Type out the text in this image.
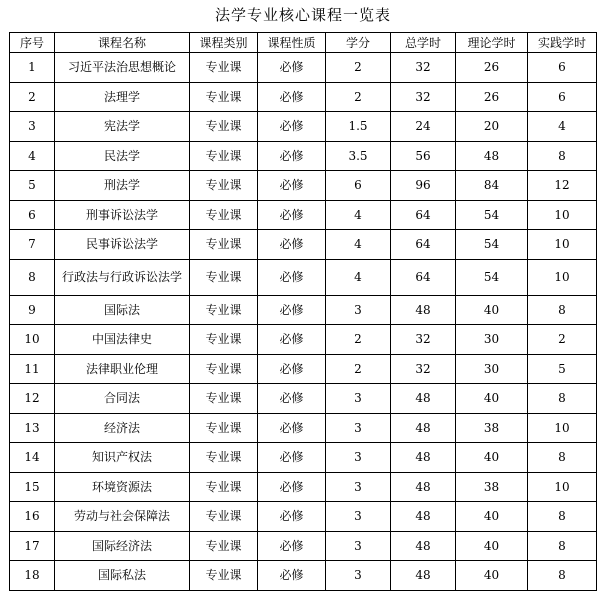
法学专业核心课程一览表
序号	课程名称	课程类别	课程性质	学分	总学时	理论学时	实践学时
1	习近平法治思想概论	专业课	必修	2	32	26	6
2	法理学	专业课	必修	2	32	26	6
3	宪法学	专业课	必修	1.5	24	20	4
4	民法学	专业课	必修	3.5	56	48	8
5	刑法学	专业课	必修	6	96	84	12
6	刑事诉讼法学	专业课	必修	4	64	54	10
7	民事诉讼法学	专业课	必修	4	64	54	10
8	行政法与行政诉讼法学	专业课	必修	4	64	54	10
9	国际法	专业课	必修	3	48	40	8
10	中国法律史	专业课	必修	2	32	30	2
11	法律职业伦理	专业课	必修	2	32	30	5
12	合同法	专业课	必修	3	48	40	8
13	经济法	专业课	必修	3	48	38	10
14	知识产权法	专业课	必修	3	48	40	8
15	环境资源法	专业课	必修	3	48	38	10
16	劳动与社会保障法	专业课	必修	3	48	40	8
17	国际经济法	专业课	必修	3	48	40	8
18	国际私法	专业课	必修	3	48	40	8
